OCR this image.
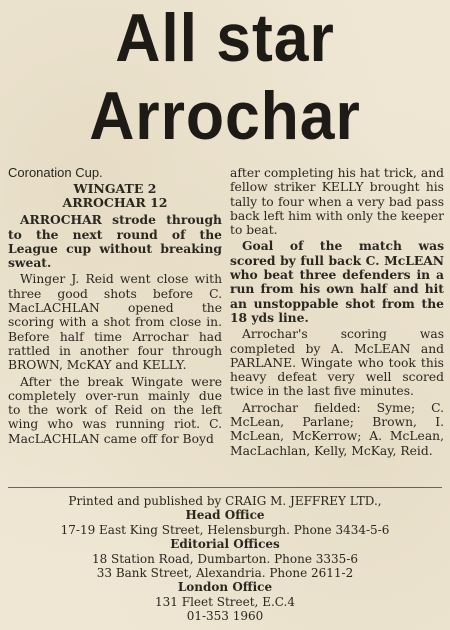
All star
Arrochar
Coronation Cup.
WINGATE 2
ARROCHAR 12

ARROCHAR strode through to the next round of the League cup without breaking sweat.

Winger J. Reid went close with three good shots before C. MacLACHLAN opened the scoring with a shot from close in. Before half time Arrochar had rattled in another four through BROWN, McKAY and KELLY.

After the break Wingate were completely over-run mainly due to the work of Reid on the left wing who was running riot. C. MacLACHLAN came off for Boyd

after completing his hat trick, and fellow striker KELLY brought his tally to four when a very bad pass back left him with only the keeper to beat.

Goal of the match was scored by full back C. McLEAN who beat three defenders in a run from his own half and hit an unstoppable shot from the 18 yds line.

Arrochar's scoring was completed by A. McLEAN and PARLANE. Wingate who took this heavy defeat very well scored twice in the last five minutes.

Arrochar fielded: Syme; C. McLean, Parlane; Brown, I. McLean, McKerrow; A. McLean, MacLachlan, Kelly, McKay, Reid.

Printed and published by CRAIG M. JEFFREY LTD.,
Head Office
17-19 East King Street, Helensburgh. Phone 3434-5-6
Editorial Offices
18 Station Road, Dumbarton. Phone 3335-6
33 Bank Street, Alexandria. Phone 2611-2
London Office
131 Fleet Street, E.C.4
01-353 1960
